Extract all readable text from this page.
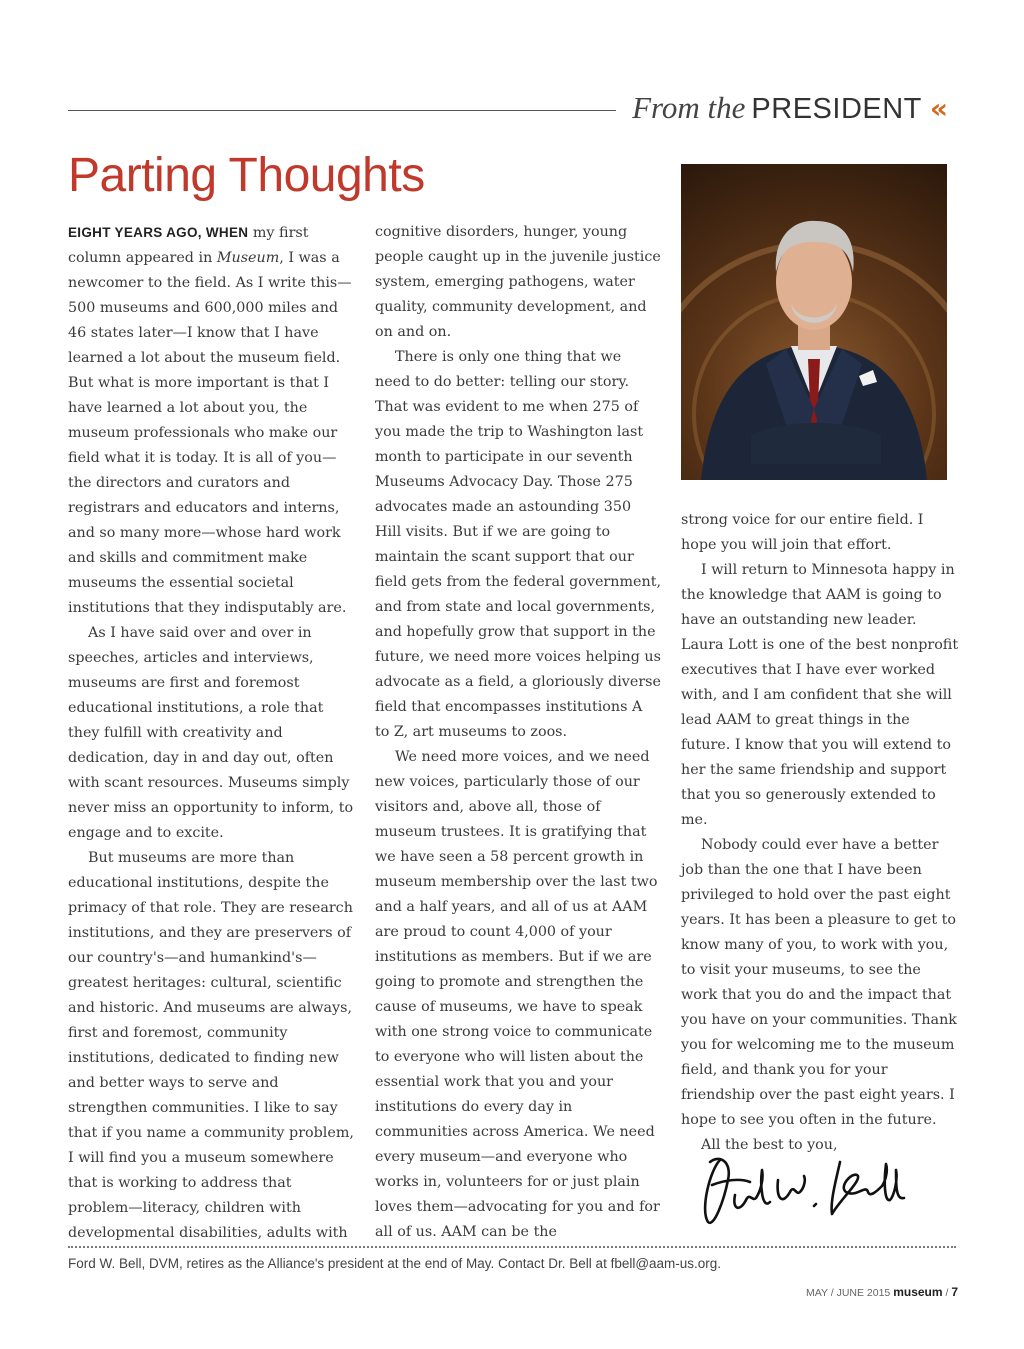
From the PRESIDENT «
Parting Thoughts

EIGHT YEARS AGO, WHEN my first column appeared in Museum, I was a newcomer to the field. As I write this—500 museums and 600,000 miles and 46 states later—I know that I have learned a lot about the museum field. But what is more important is that I have learned a lot about you, the museum professionals who make our field what it is today. It is all of you—the directors and curators and registrars and educators and interns, and so many more—whose hard work and skills and commitment make museums the essential societal institutions that they indisputably are.

As I have said over and over in speeches, articles and interviews, museums are first and foremost educational institutions, a role that they fulfill with creativity and dedication, day in and day out, often with scant resources. Museums simply never miss an opportunity to inform, to engage and to excite.

But museums are more than educational institutions, despite the primacy of that role. They are research institutions, and they are preservers of our country's—and humankind's—greatest heritages: cultural, scientific and historic. And museums are always, first and foremost, community institutions, dedicated to finding new and better ways to serve and strengthen communities. I like to say that if you name a community problem, I will find you a museum somewhere that is working to address that problem—literacy, children with developmental disabilities, adults with

cognitive disorders, hunger, young people caught up in the juvenile justice system, emerging pathogens, water quality, community development, and on and on.

There is only one thing that we need to do better: telling our story. That was evident to me when 275 of you made the trip to Washington last month to participate in our seventh Museums Advocacy Day. Those 275 advocates made an astounding 350 Hill visits. But if we are going to maintain the scant support that our field gets from the federal government, and from state and local governments, and hopefully grow that support in the future, we need more voices helping us advocate as a field, a gloriously diverse field that encompasses institutions A to Z, art museums to zoos.

We need more voices, and we need new voices, particularly those of our visitors and, above all, those of museum trustees. It is gratifying that we have seen a 58 percent growth in museum membership over the last two and a half years, and all of us at AAM are proud to count 4,000 of your institutions as members. But if we are going to promote and strengthen the cause of museums, we have to speak with one strong voice to communicate to everyone who will listen about the essential work that you and your institutions do every day in communities across America. We need every museum—and everyone who works in, volunteers for or just plain loves them—advocating for you and for all of us. AAM can be the

strong voice for our entire field. I hope you will join that effort.

I will return to Minnesota happy in the knowledge that AAM is going to have an outstanding new leader. Laura Lott is one of the best nonprofit executives that I have ever worked with, and I am confident that she will lead AAM to great things in the future. I know that you will extend to her the same friendship and support that you so generously extended to me.

Nobody could ever have a better job than the one that I have been privileged to hold over the past eight years. It has been a pleasure to get to know many of you, to work with you, to visit your museums, to see the work that you do and the impact that you have on your communities. Thank you for welcoming me to the museum field, and thank you for your friendship over the past eight years. I hope to see you often in the future.

All the best to you,

Ford W. Bell, DVM, retires as the Alliance's president at the end of May. Contact Dr. Bell at fbell@aam-us.org.
MAY / JUNE 2015 museum / 7
